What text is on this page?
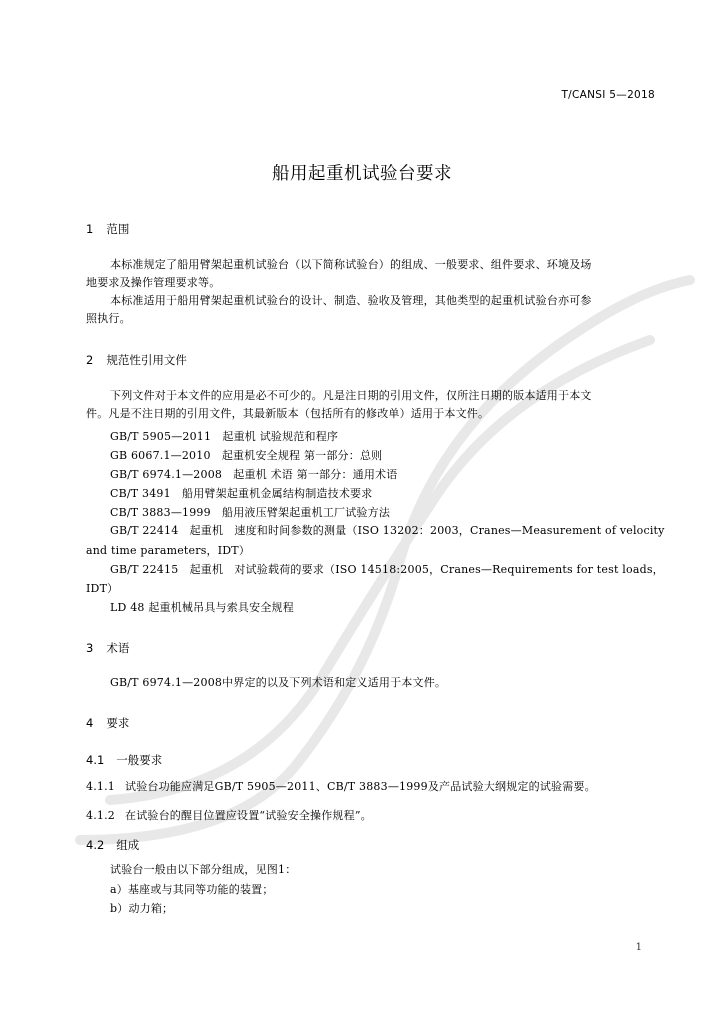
T/CANSI 5—2018
船用起重机试验台要求
1 范围
本标准规定了船用臂架起重机试验台（以下简称试验台）的组成、一般要求、组件要求、环境及场
地要求及操作管理要求等。
本标准适用于船用臂架起重机试验台的设计、制造、验收及管理，其他类型的起重机试验台亦可参
照执行。
2 规范性引用文件
下列文件对于本文件的应用是必不可少的。凡是注日期的引用文件，仅所注日期的版本适用于本文
件。凡是不注日期的引用文件，其最新版本（包括所有的修改单）适用于本文件。
GB/T 5905—2011　起重机 试验规范和程序
GB 6067.1—2010　起重机安全规程 第一部分：总则
GB/T 6974.1—2008　起重机 术语 第一部分：通用术语
CB/T 3491　船用臂架起重机金属结构制造技术要求
CB/T 3883—1999　船用液压臂架起重机工厂试验方法
GB/T 22414　起重机　速度和时间参数的测量（ISO 13202：2003，Cranes—Measurement of velocity
and time parameters，IDT）
GB/T 22415　起重机　对试验载荷的要求（ISO 14518:2005，Cranes—Requirements for test loads，
IDT）
LD 48 起重机械吊具与索具安全规程
3 术语
GB/T 6974.1—2008中界定的以及下列术语和定义适用于本文件。
4 要求
4.1 一般要求
4.1.1 试验台功能应满足GB/T 5905—2011、CB/T 3883—1999及产品试验大纲规定的试验需要。
4.1.2 在试验台的醒目位置应设置“试验安全操作规程”。
4.2 组成
试验台一般由以下部分组成，见图1：
a）基座或与其同等功能的装置；
b）动力箱；
1
